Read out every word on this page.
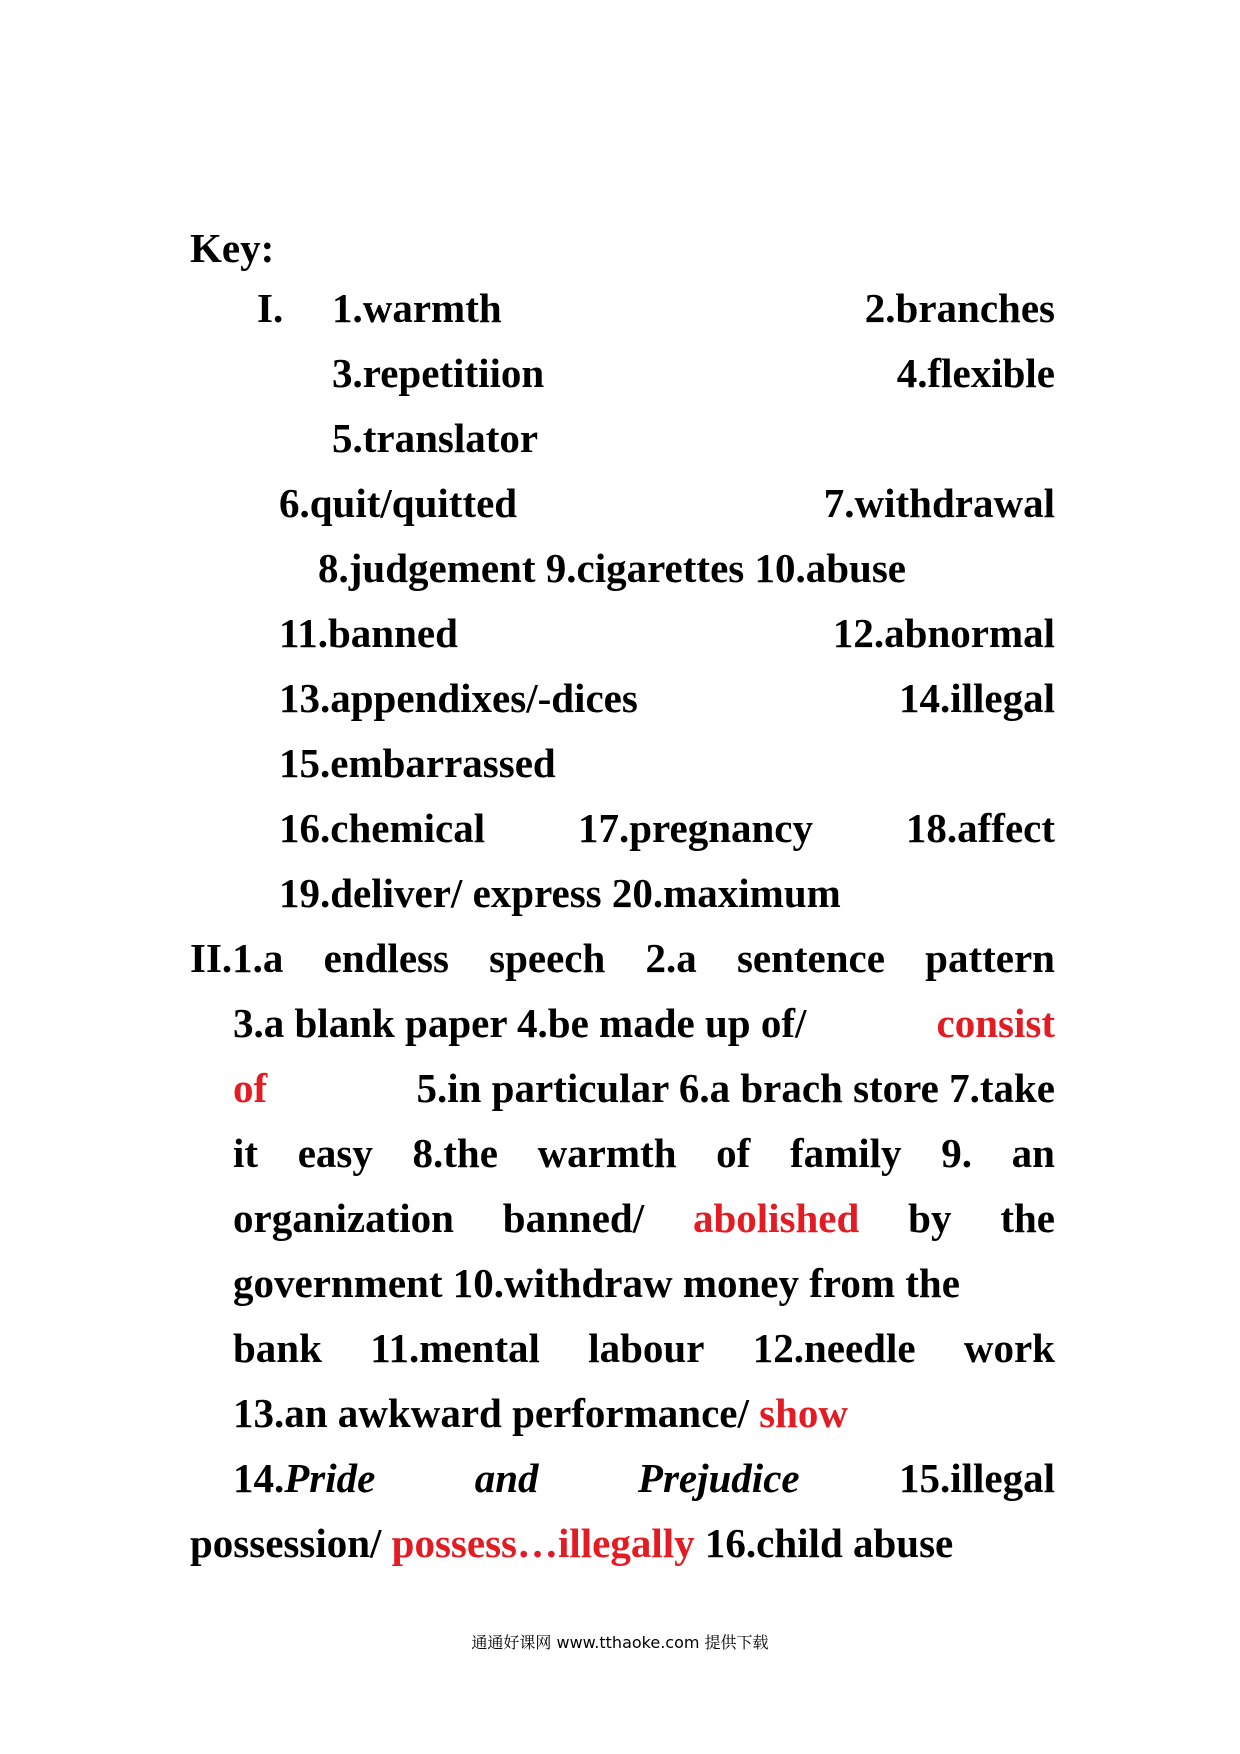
Key:
I. 1.warmth	2.branches
3.repetitiion	4.flexible
5.translator
6.quit/quitted	7.withdrawal
8.judgement 9.cigarettes 10.abuse
11.banned	12.abnormal
13.appendixes/-dices	14.illegal
15.embarrassed
16.chemical 17.pregnancy 18.affect
19.deliver/ express 20.maximum
II.1.a endless speech 2.a sentence pattern
3.a blank paper 4.be made up of/	consist
of	5.in particular 6.a brach store 7.take
it easy 8.the warmth of family 9. an
organization banned/ abolished by the
government 10.withdraw money from the
bank 11.mental labour 12.needle work
13.an awkward performance/ show
14.Pride and Prejudice 15.illegal
possession/ possess…illegally 16.child abuse
通通好课网 www.tthaoke.com 提供下载
